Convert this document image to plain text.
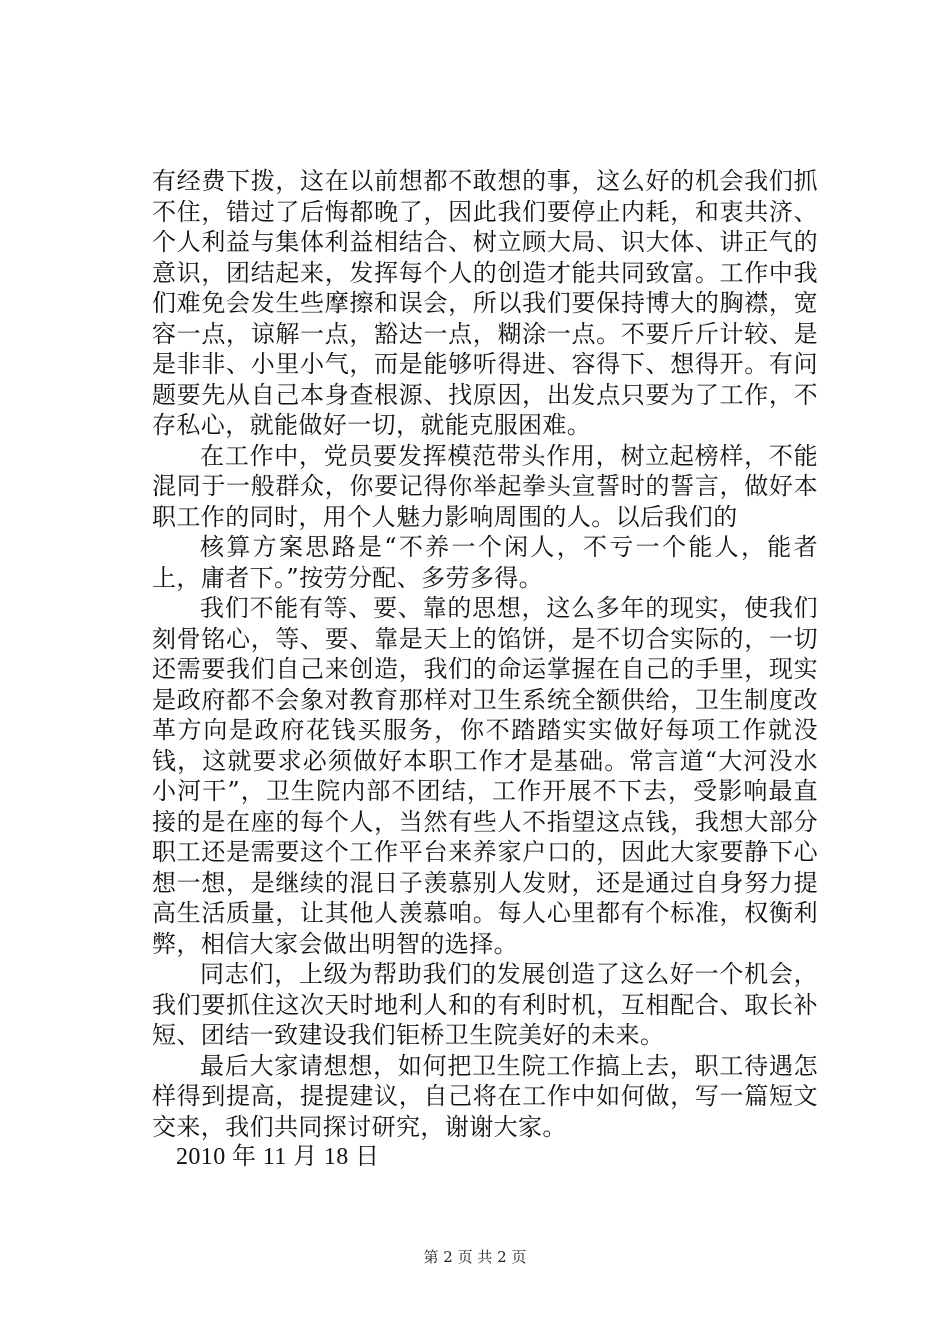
有经费下拨，这在以前想都不敢想的事，这么好的机会我们抓不住，错过了后悔都晚了，因此我们要停止内耗，和衷共济、个人利益与集体利益相结合、树立顾大局、识大体、讲正气的意识，团结起来，发挥每个人的创造才能共同致富。工作中我们难免会发生些摩擦和误会，所以我们要保持博大的胸襟，宽容一点，谅解一点，豁达一点，糊涂一点。不要斤斤计较、是是非非、小里小气，而是能够听得进、容得下、想得开。有问题要先从自己本身查根源、找原因，出发点只要为了工作，不存私心，就能做好一切，就能克服困难。

在工作中，党员要发挥模范带头作用，树立起榜样，不能混同于一般群众，你要记得你举起拳头宣誓时的誓言，做好本职工作的同时，用个人魅力影响周围的人。以后我们的

核算方案思路是“不养一个闲人，不亏一个能人，能者上，庸者下。”按劳分配、多劳多得。

我们不能有等、要、靠的思想，这么多年的现实，使我们刻骨铭心，等、要、靠是天上的馅饼，是不切合实际的，一切还需要我们自己来创造，我们的命运掌握在自己的手里，现实是政府都不会象对教育那样对卫生系统全额供给，卫生制度改革方向是政府花钱买服务，你不踏踏实实做好每项工作就没钱，这就要求必须做好本职工作才是基础。常言道“大河没水小河干”，卫生院内部不团结，工作开展不下去，受影响最直接的是在座的每个人，当然有些人不指望这点钱，我想大部分职工还是需要这个工作平台来养家户口的，因此大家要静下心想一想，是继续的混日子羡慕别人发财，还是通过自身努力提高生活质量，让其他人羡慕咱。每人心里都有个标准，权衡利弊，相信大家会做出明智的选择。

同志们，上级为帮助我们的发展创造了这么好一个机会，我们要抓住这次天时地利人和的有利时机，互相配合、取长补短、团结一致建设我们钜桥卫生院美好的未来。

最后大家请想想，如何把卫生院工作搞上去，职工待遇怎样得到提高，提提建议，自己将在工作中如何做，写一篇短文交来，我们共同探讨研究，谢谢大家。

2010 年 11 月 18 日

第 2 页 共 2 页
